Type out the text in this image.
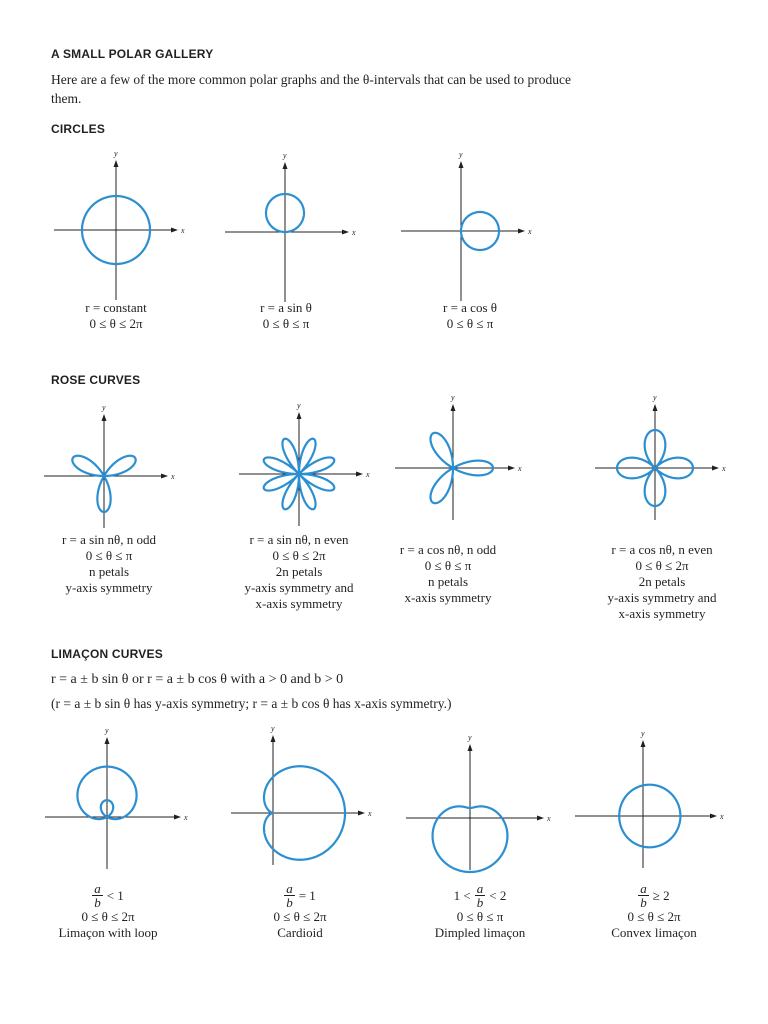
A SMALL POLAR GALLERY
Here are a few of the more common polar graphs and the θ-intervals that can be used to produce them.
CIRCLES
x
y
x
y
x
y
r = constant
0 ≤ θ ≤ 2π
r = a sin θ
0 ≤ θ ≤ π
r = a cos θ
0 ≤ θ ≤ π
ROSE CURVES
x
y
x
y
x
y
x
y
r = a sin nθ, n odd
0 ≤ θ ≤ π
n petals
y-axis symmetry
r = a sin nθ, n even
0 ≤ θ ≤ 2π
2n petals
y-axis symmetry and
x-axis symmetry
r = a cos nθ, n odd
0 ≤ θ ≤ π
n petals
x-axis symmetry
r = a cos nθ, n even
0 ≤ θ ≤ 2π
2n petals
y-axis symmetry and
x-axis symmetry
LIMAÇON CURVES
r = a ± b sin θ or r = a ± b cos θ with a > 0 and b > 0
(r = a ± b sin θ has y-axis symmetry; r = a ± b cos θ has x-axis symmetry.)
x
y
x
y
x
y
x
y
$\frac{a}{b} < 1$
0 ≤ θ ≤ 2π
Limaçon with loop
$\frac{a}{b} = 1$
0 ≤ θ ≤ 2π
Cardioid
$1 < \frac{a}{b} < 2$
0 ≤ θ ≤ π
Dimpled limaçon
$\frac{a}{b} \ge 2$
0 ≤ θ ≤ 2π
Convex limaçon
